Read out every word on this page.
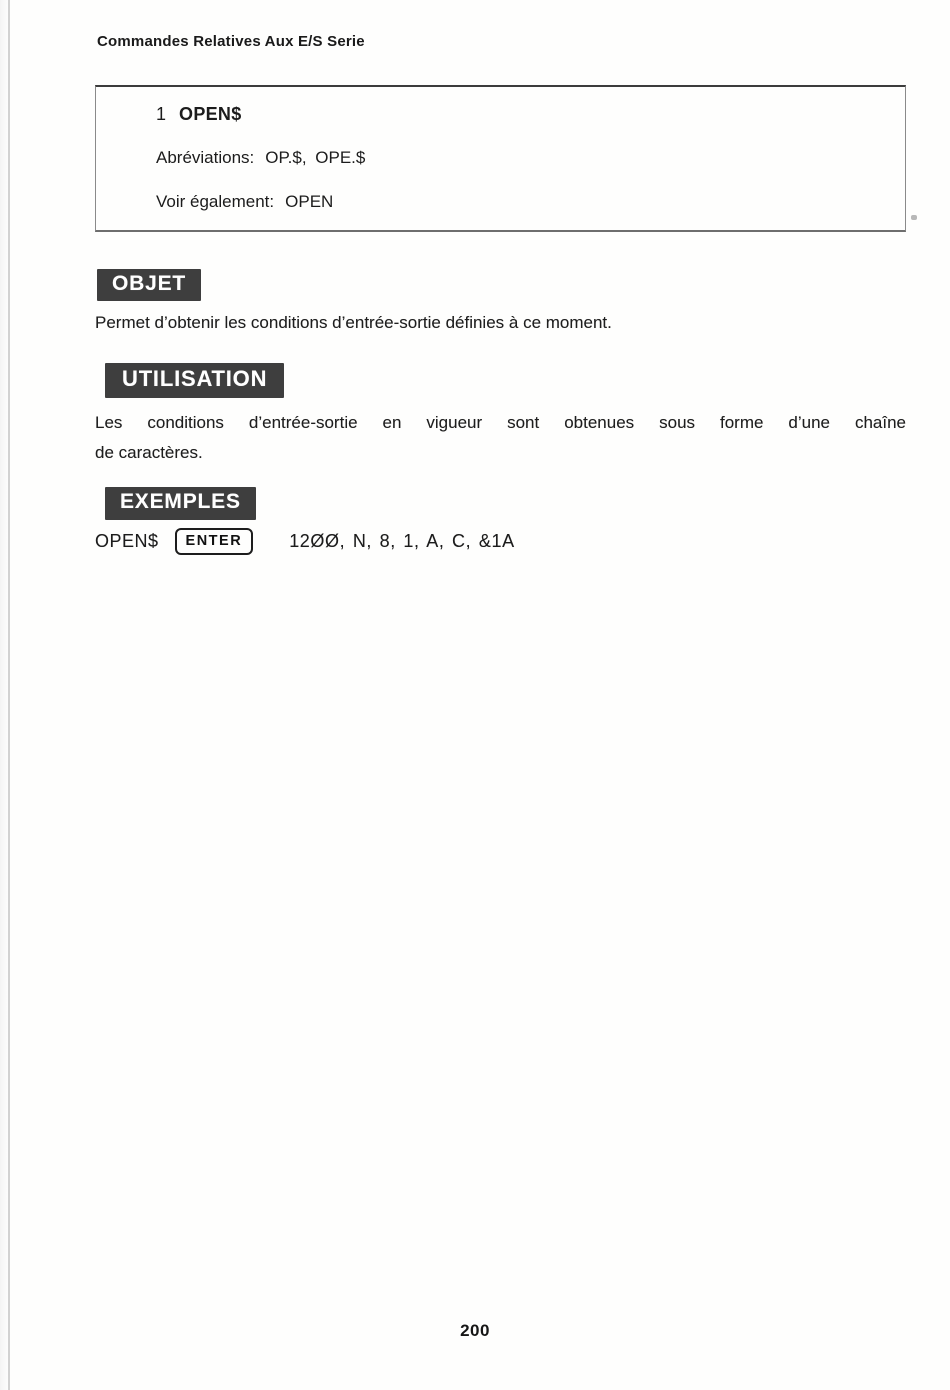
Commandes Relatives Aux E/S Serie
1 OPEN$
Abréviations: OP.$, OPE.$
Voir également: OPEN
OBJET
Permet d’obtenir les conditions d’entrée-sortie définies à ce moment.
UTILISATION
Les conditions d’entrée-sortie en vigueur sont obtenues sous forme d’une chaîne
de caractères.
EXEMPLES
OPEN$	ENTER	12ØØ, N, 8, 1, A, C, &1A
200
